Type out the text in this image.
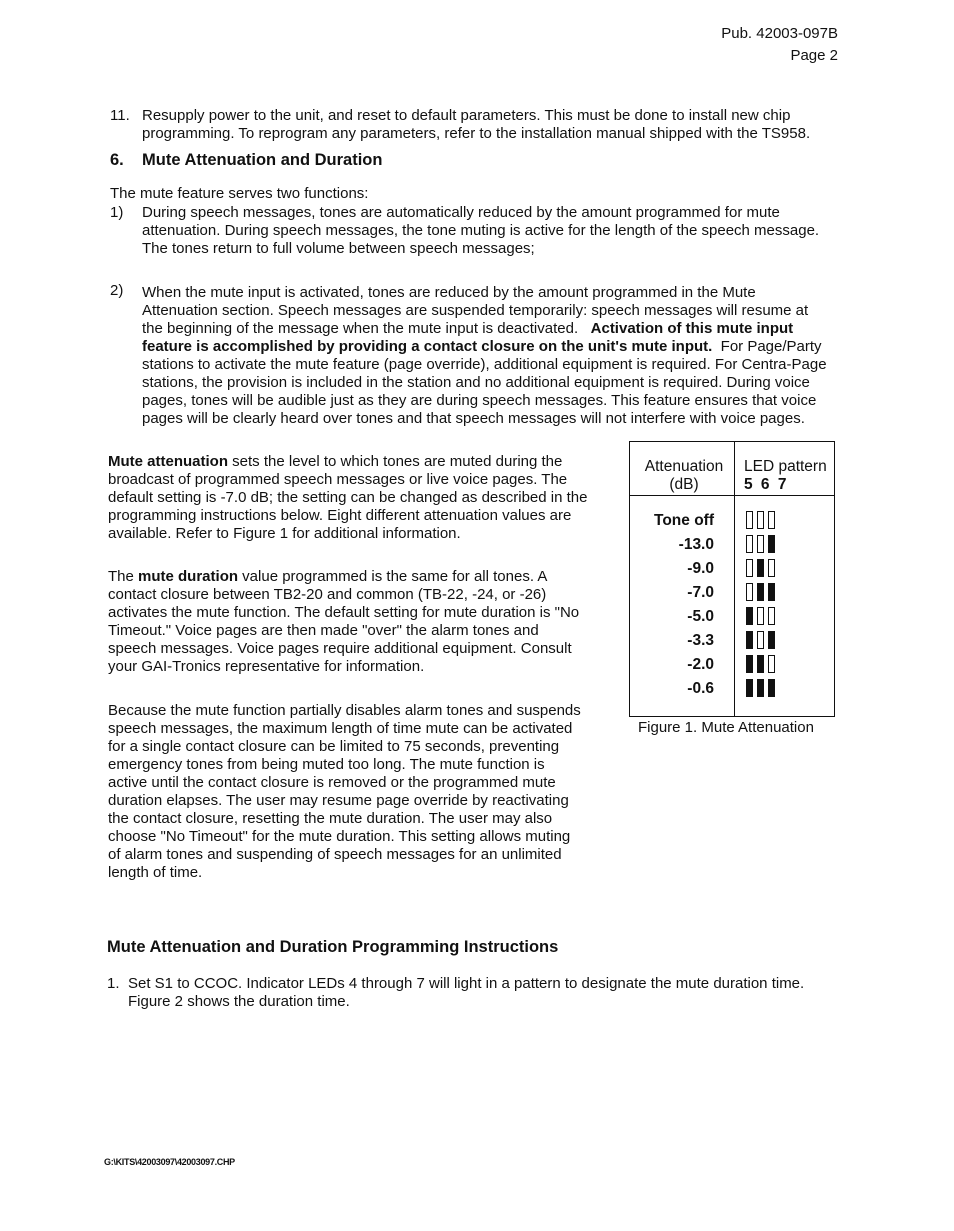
Pub. 42003-097B
Page 2
11. Resupply power to the unit, and reset to default parameters. This must be done to install new chip

programming. To reprogram any parameters, refer to the installation manual shipped with the TS958.

6. Mute Attenuation and Duration
The mute feature serves two functions:
1) During speech messages, tones are automatically reduced by the amount programmed for mute

attenuation. During speech messages, the tone muting is active for the length of the speech message.

The tones return to full volume between speech messages;

2) When the mute input is activated, tones are reduced by the amount programmed in the Mute

Attenuation section. Speech messages are suspended temporarily: speech messages will resume at

the beginning of the message when the mute input is deactivated. Activation of this mute input

feature is accomplished by providing a contact closure on the unit's mute input. For Page/Party

stations to activate the mute feature (page override), additional equipment is required. For Centra-Page

stations, the provision is included in the station and no additional equipment is required. During voice

pages, tones will be audible just as they are during speech messages. This feature ensures that voice

pages will be clearly heard over tones and that speech messages will not interfere with voice pages.

Mute attenuation sets the level to which tones are muted during the

broadcast of programmed speech messages or live voice pages. The

default setting is -7.0 dB; the setting can be changed as described in the

programming instructions below. Eight different attenuation values are

available. Refer to Figure 1 for additional information.

The mute duration value programmed is the same for all tones. A

contact closure between TB2-20 and common (TB-22, -24, or -26)

activates the mute function. The default setting for mute duration is "No

Timeout." Voice pages are then made "over" the alarm tones and

speech messages. Voice pages require additional equipment. Consult

your GAI-Tronics representative for information.

Because the mute function partially disables alarm tones and suspends

speech messages, the maximum length of time mute can be activated

for a single contact closure can be limited to 75 seconds, preventing

emergency tones from being muted too long. The mute function is

active until the contact closure is removed or the programmed mute

duration elapses. The user may resume page override by reactivating

the contact closure, resetting the mute duration. The user may also

choose "No Timeout" for the mute duration. This setting allows muting

of alarm tones and suspending of speech messages for an unlimited

length of time.

Attenuation
(dB)
LED pattern
5 6 7
Tone off
-13.0
-9.0
-7.0
-5.0
-3.3
-2.0
-0.6
Figure 1. Mute Attenuation
Mute Attenuation and Duration Programming Instructions
1. Set S1 to CCOC. Indicator LEDs 4 through 7 will light in a pattern to designate the mute duration time.

Figure 2 shows the duration time.

G:\KITS\42003097\42003097.CHP
